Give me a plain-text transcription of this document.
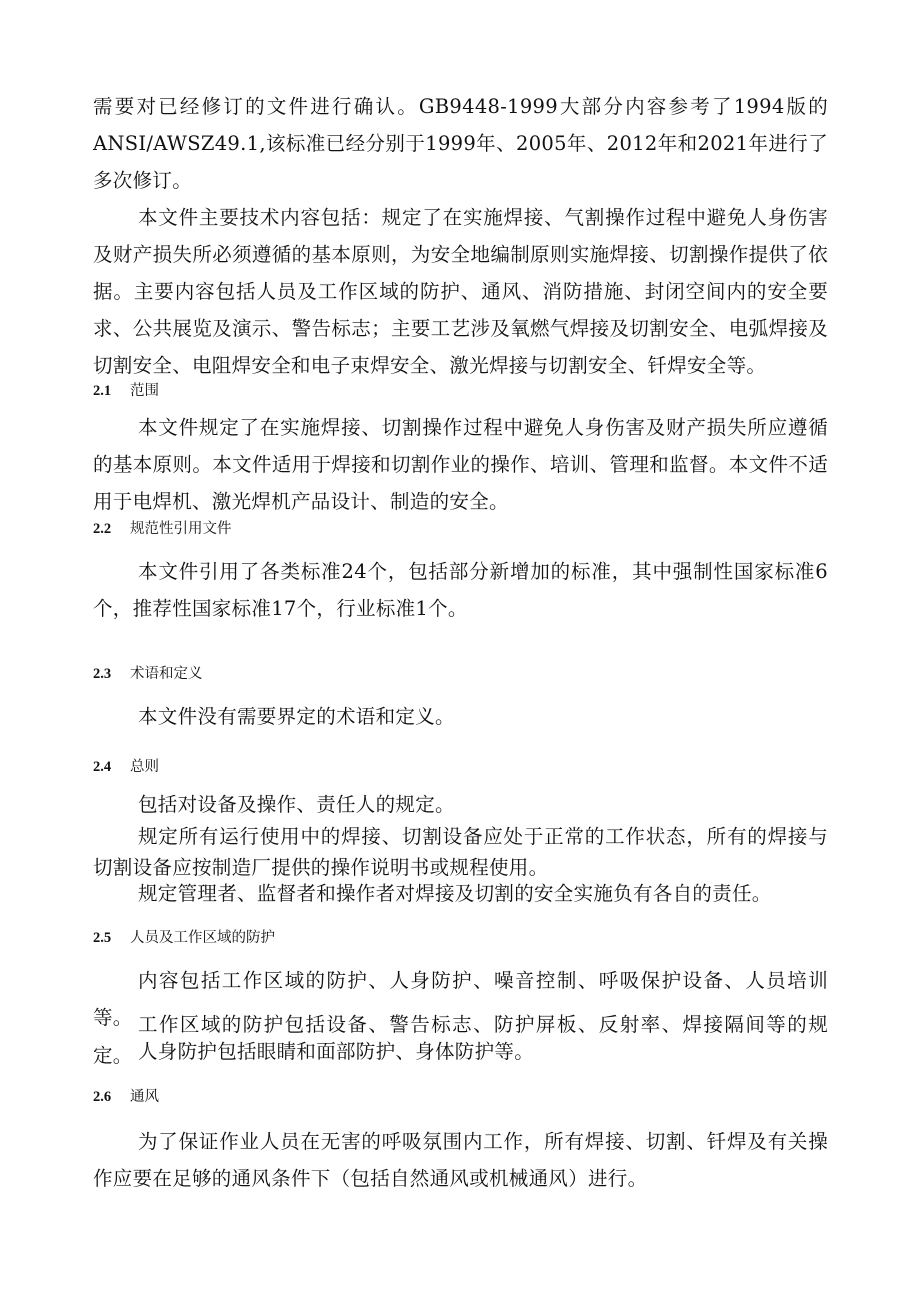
需要对已经修订的文件进行确认。GB9448-1999大部分内容参考了1994版的ANSI/AWSZ49.1,该标准已经分别于1999年、2005年、2012年和2021年进行了多次修订。

本文件主要技术内容包括：规定了在实施焊接、气割操作过程中避免人身伤害及财产损失所必须遵循的基本原则，为安全地编制原则实施焊接、切割操作提供了依据。主要内容包括人员及工作区域的防护、通风、消防措施、封闭空间内的安全要求、公共展览及演示、警告标志；主要工艺涉及氧燃气焊接及切割安全、电弧焊接及切割安全、电阻焊安全和电子束焊安全、激光焊接与切割安全、钎焊安全等。

2.1 范围

本文件规定了在实施焊接、切割操作过程中避免人身伤害及财产损失所应遵循的基本原则。本文件适用于焊接和切割作业的操作、培训、管理和监督。本文件不适用于电焊机、激光焊机产品设计、制造的安全。

2.2 规范性引用文件

本文件引用了各类标准24个，包括部分新增加的标准，其中强制性国家标准6个，推荐性国家标准17个，行业标准1个。

2.3 术语和定义

本文件没有需要界定的术语和定义。

2.4 总则

包括对设备及操作、责任人的规定。

规定所有运行使用中的焊接、切割设备应处于正常的工作状态，所有的焊接与切割设备应按制造厂提供的操作说明书或规程使用。

规定管理者、监督者和操作者对焊接及切割的安全实施负有各自的责任。

2.5 人员及工作区域的防护

内容包括工作区域的防护、人身防护、噪音控制、呼吸保护设备、人员培训等。 工作区域的防护包括设备、警告标志、防护屏板、反射率、焊接隔间等的规定。 人身防护包括眼睛和面部防护、身体防护等。

2.6 通风

为了保证作业人员在无害的呼吸氛围内工作，所有焊接、切割、钎焊及有关操作应要在足够的通风条件下（包括自然通风或机械通风）进行。
